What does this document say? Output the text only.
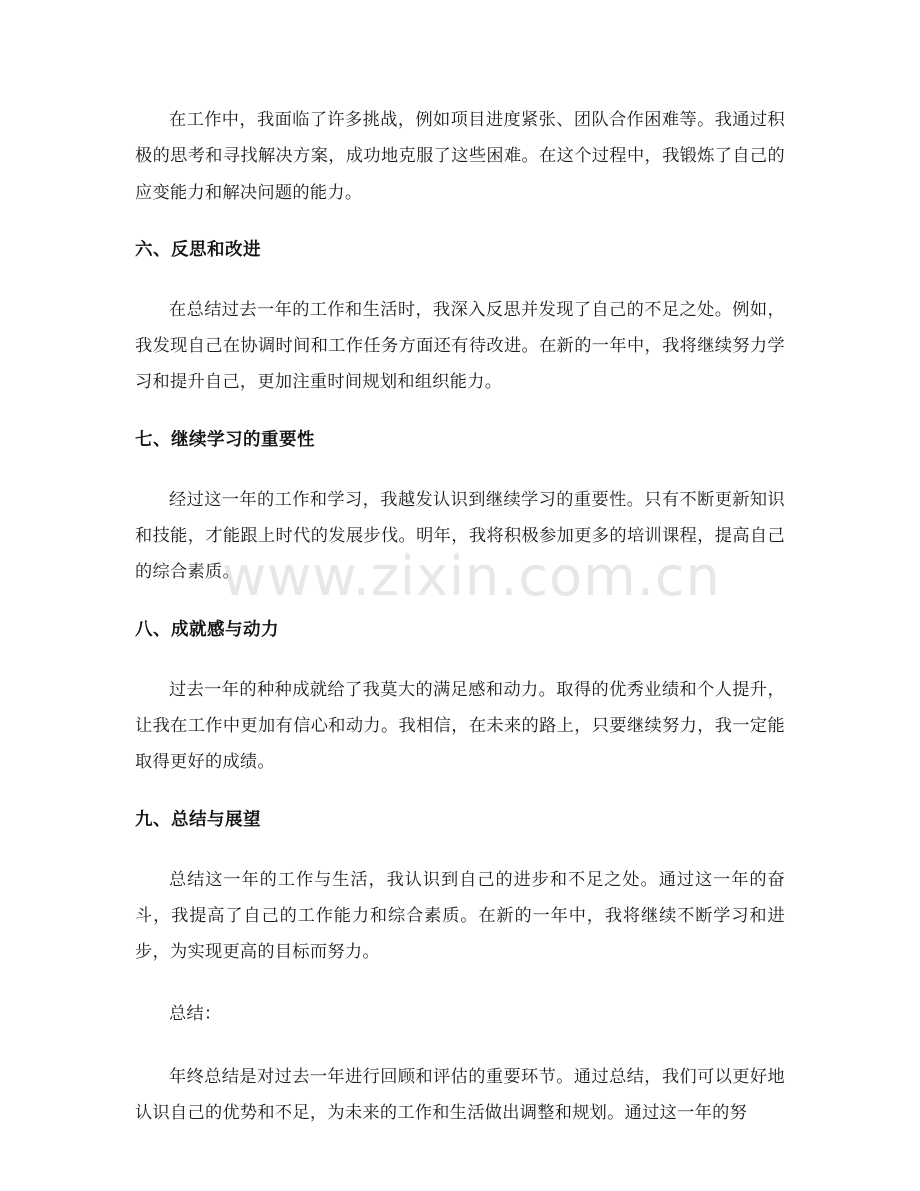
在工作中，我面临了许多挑战，例如项目进度紧张、团队合作困难等。我通过积极的思考和寻找解决方案，成功地克服了这些困难。在这个过程中，我锻炼了自己的应变能力和解决问题的能力。

六、反思和改进

在总结过去一年的工作和生活时，我深入反思并发现了自己的不足之处。例如，我发现自己在协调时间和工作任务方面还有待改进。在新的一年中，我将继续努力学习和提升自己，更加注重时间规划和组织能力。

七、继续学习的重要性

经过这一年的工作和学习，我越发认识到继续学习的重要性。只有不断更新知识和技能，才能跟上时代的发展步伐。明年，我将积极参加更多的培训课程，提高自己的综合素质。

八、成就感与动力

过去一年的种种成就给了我莫大的满足感和动力。取得的优秀业绩和个人提升，让我在工作中更加有信心和动力。我相信，在未来的路上，只要继续努力，我一定能取得更好的成绩。

九、总结与展望

总结这一年的工作与生活，我认识到自己的进步和不足之处。通过这一年的奋斗，我提高了自己的工作能力和综合素质。在新的一年中，我将继续不断学习和进步，为实现更高的目标而努力。

总结：

年终总结是对过去一年进行回顾和评估的重要环节。通过总结，我们可以更好地认识自己的优势和不足，为未来的工作和生活做出调整和规划。通过这一年的努

www.zixin.com.cn
